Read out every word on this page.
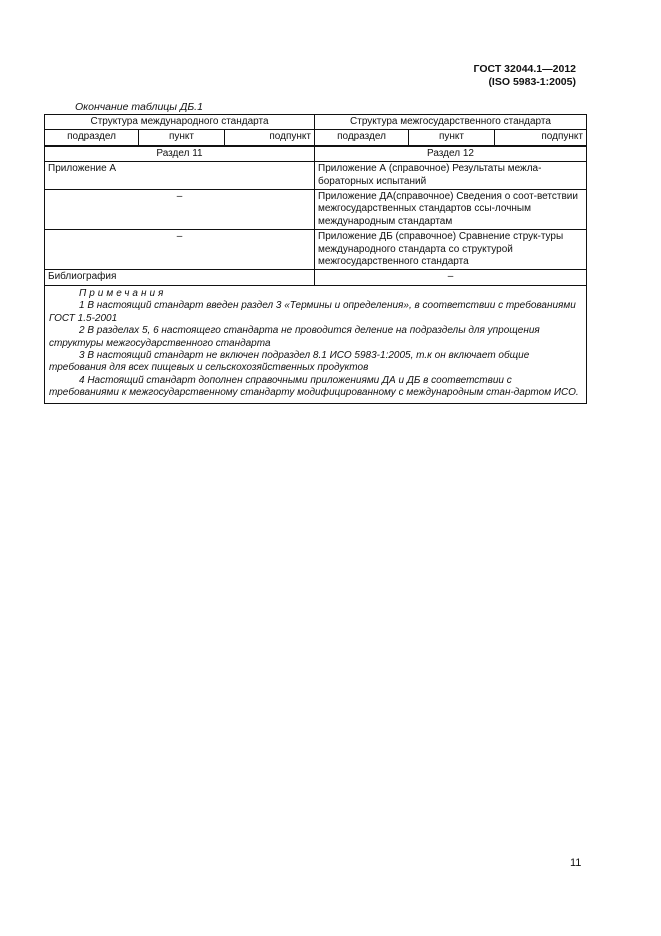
ГОСТ 32044.1—2012
(ISO 5983-1:2005)
Окончание таблицы ДБ.1
Структура международного стандарта			Структура межгосударственного стандарта		
подраздел	пункт	подпункт	подраздел	пункт	подпункт
Раздел 11			Раздел 12		
Приложение А			Приложение А (справочное) Результаты межла-бораторных испытаний		
–			Приложение ДА(справочное) Сведения о соот-ветствии межгосударственных стандартов ссы-лочным международным стандартам		
–			Приложение ДБ (справочное) Сравнение струк-туры международного стандарта со структурой межгосударственного стандарта		
Библиография			–		

Примечания

1 В настоящий стандарт введен раздел 3 «Термины и определения», в соответствии с требованиями ГОСТ 1.5-2001

2 В разделах 5, 6 настоящего стандарта не проводится деление на подразделы для упрощения структуры межгосударственного стандарта

3 В настоящий стандарт не включен подраздел 8.1 ИСО 5983-1:2005, т.к он включает общие требования для всех пищевых и сельскохозяйственных продуктов

4 Настоящий стандарт дополнен справочными приложениями ДА и ДБ в соответствии с требованиями к межгосударственному стандарту модифицированному с международным стан-дартом ИСО.					

11
